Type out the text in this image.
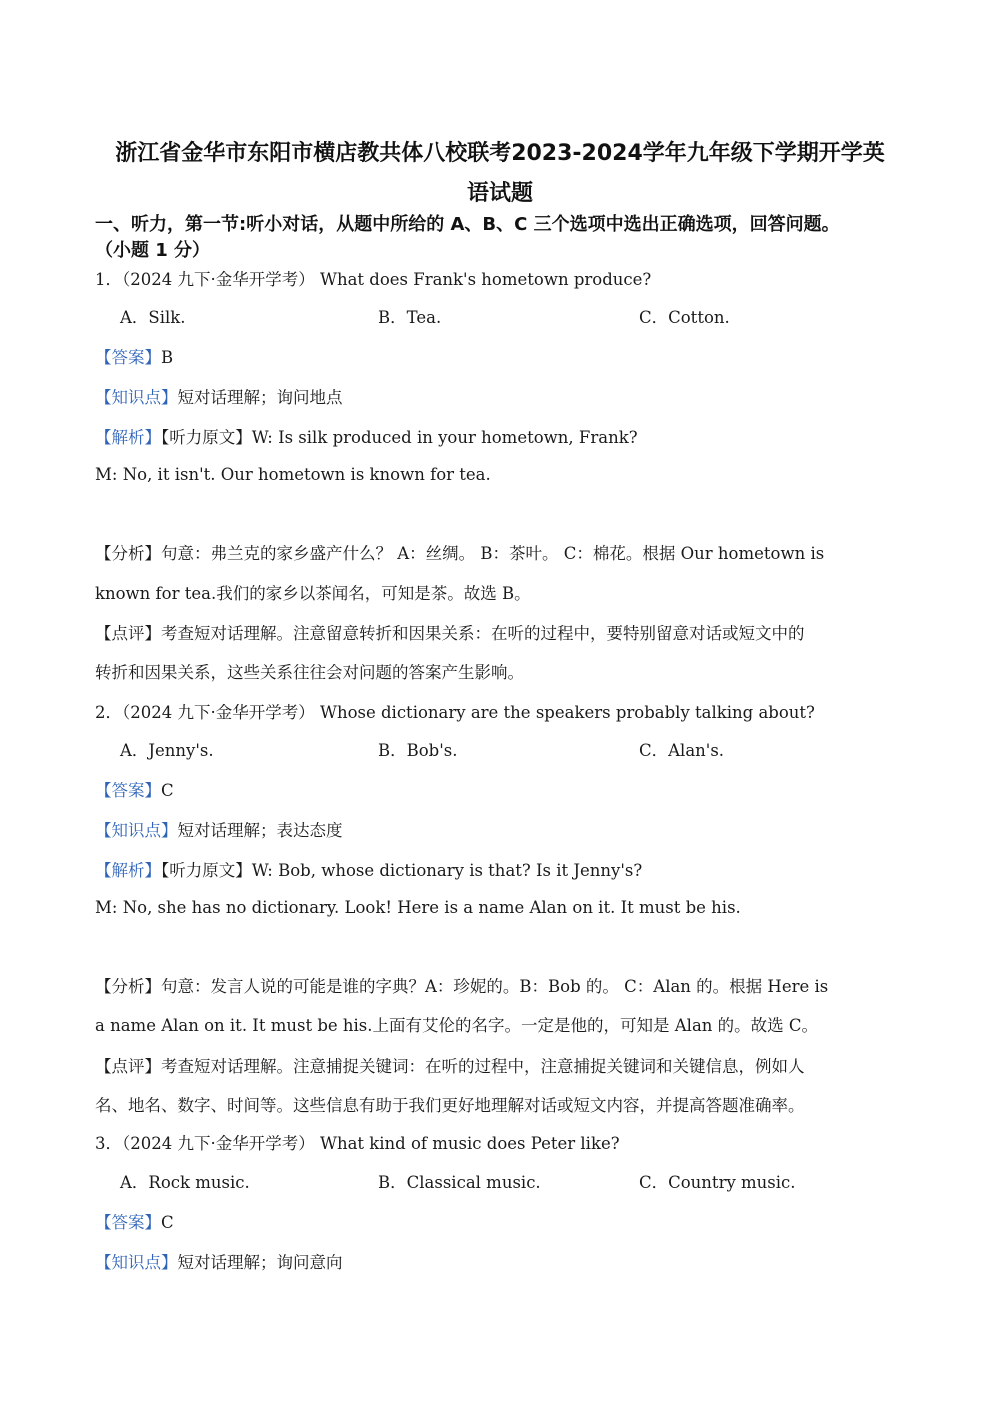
浙江省金华市东阳市横店教共体八校联考2023-2024学年九年级下学期开学英
语试题
一、听力，第一节:听小对话，从题中所给的 A、B、C 三个选项中选出正确选项，回答问题。
（小题 1 分）
1．（2024 九下·金华开学考） What does Frank's hometown produce?
A．Silk.	B．Tea.	C．Cotton.
【答案】B
【知识点】短对话理解；询问地点
【解析】【听力原文】W: Is silk produced in your hometown, Frank?
M: No, it isn't. Our hometown is known for tea.
【分析】句意：弗兰克的家乡盛产什么？ A：丝绸。 B：茶叶。 C：棉花。根据 Our hometown is
known for tea.我们的家乡以茶闻名，可知是茶。故选 B。
【点评】考查短对话理解。注意留意转折和因果关系：在听的过程中，要特别留意对话或短文中的
转折和因果关系，这些关系往往会对问题的答案产生影响。
2．（2024 九下·金华开学考） Whose dictionary are the speakers probably talking about?
A．Jenny's.	B．Bob's.	C．Alan's.
【答案】C
【知识点】短对话理解；表达态度
【解析】【听力原文】W: Bob, whose dictionary is that? Is it Jenny's?
M: No, she has no dictionary. Look! Here is a name Alan on it. It must be his.
【分析】句意：发言人说的可能是谁的字典？A：珍妮的。B：Bob 的。 C：Alan 的。根据 Here is
a name Alan on it. It must be his.上面有艾伦的名字。一定是他的，可知是 Alan 的。故选 C。
【点评】考查短对话理解。注意捕捉关键词：在听的过程中，注意捕捉关键词和关键信息，例如人
名、地名、数字、时间等。这些信息有助于我们更好地理解对话或短文内容，并提高答题准确率。
3．（2024 九下·金华开学考） What kind of music does Peter like?
A．Rock music.	B．Classical music.	C．Country music.
【答案】C
【知识点】短对话理解；询问意向
